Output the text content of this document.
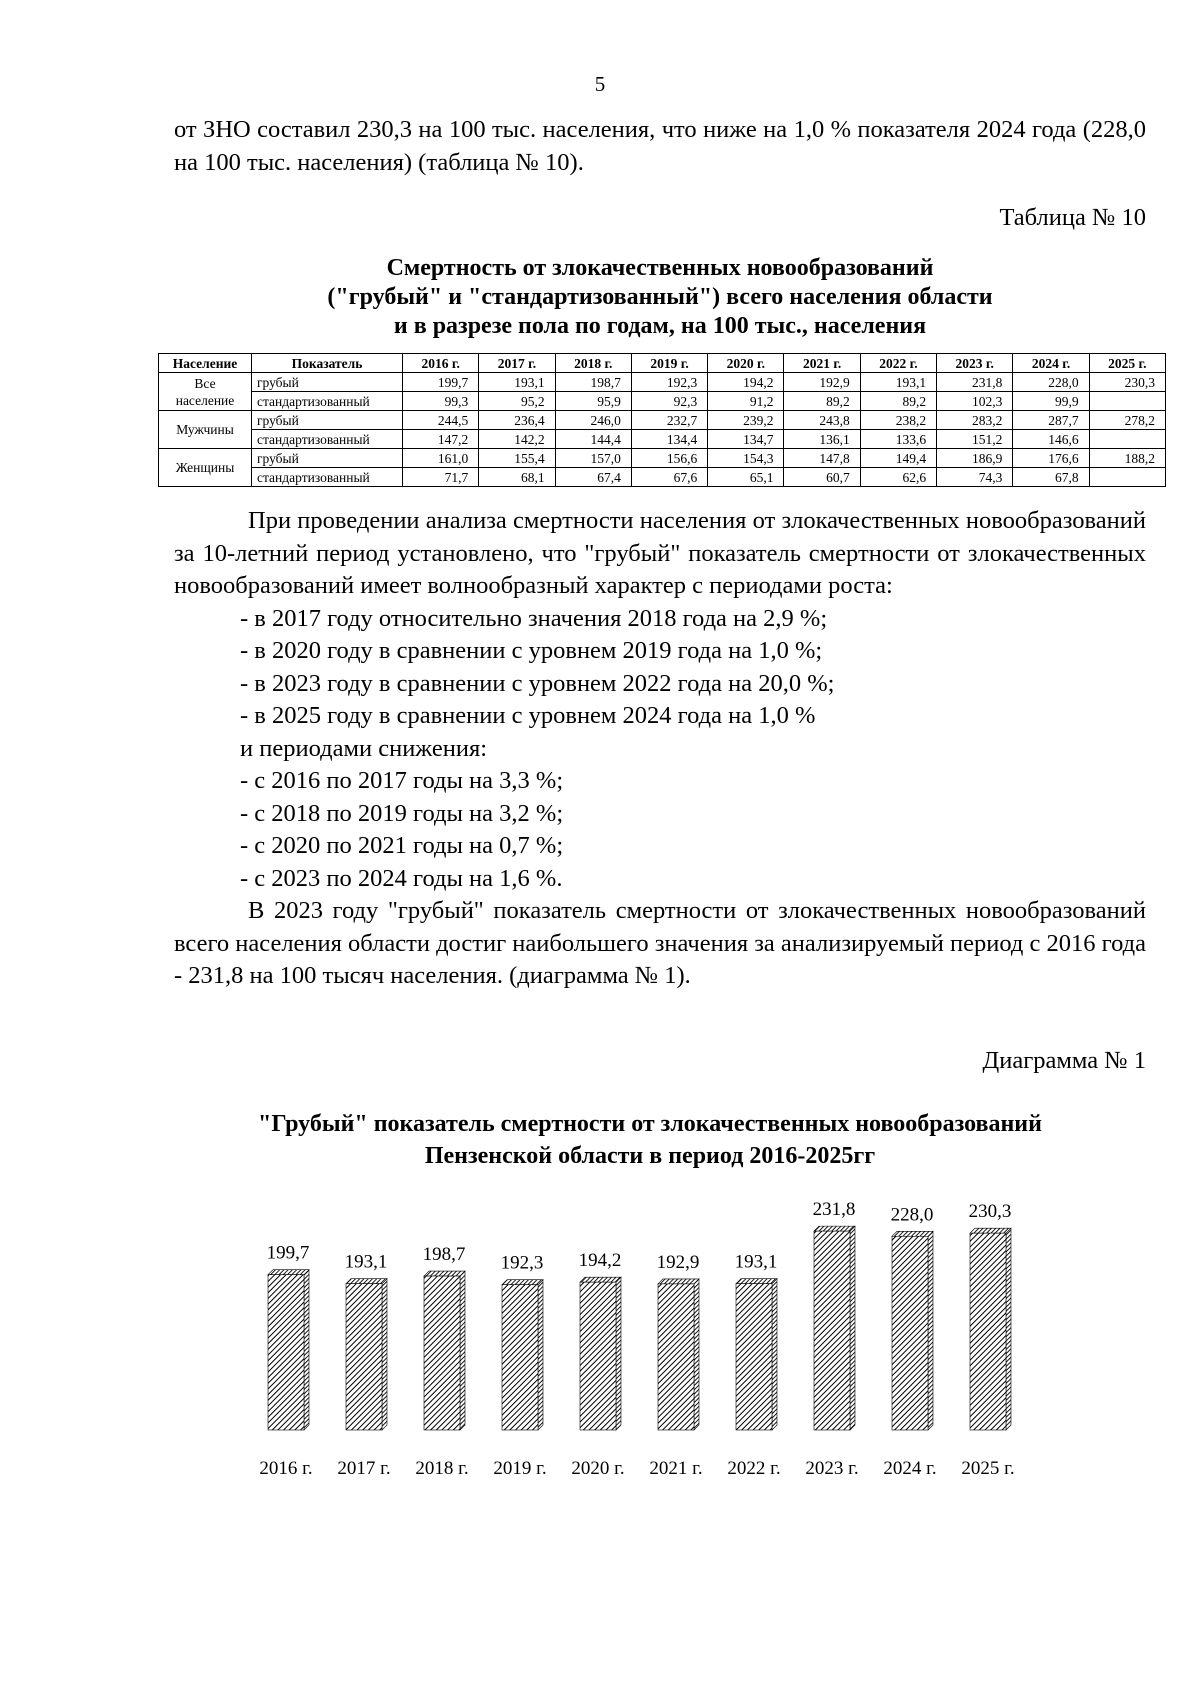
5

от ЗНО составил 230,3 на 100 тыс. населения, что ниже на 1,0 % показателя 2024 года (228,0 на 100 тыс. населения) (таблица № 10).

Таблица № 10
Смертность от злокачественных новообразований
("грубый" и "стандартизованный") всего населения области
и в разрезе пола по годам, на 100 тыс., населения
Население	Показатель	2016 г.	2017 г.	2018 г.	2019 г.	2020 г.	2021 г.	2022 г.	2023 г.	2024 г.	2025 г.
Все население	грубый	199,7	193,1	198,7	192,3	194,2	192,9	193,1	231,8	228,0	230,3
	стандартизованный	99,3	95,2	95,9	92,3	91,2	89,2	89,2	102,3	99,9	
Мужчины	грубый	244,5	236,4	246,0	232,7	239,2	243,8	238,2	283,2	287,7	278,2
	стандартизованный	147,2	142,2	144,4	134,4	134,7	136,1	133,6	151,2	146,6	
Женщины	грубый	161,0	155,4	157,0	156,6	154,3	147,8	149,4	186,9	176,6	188,2
	стандартизованный	71,7	68,1	67,4	67,6	65,1	60,7	62,6	74,3	67,8	

При проведении анализа смертности населения от злокачественных новообразований за 10-летний период установлено, что "грубый" показатель смертности от злокачественных новообразований имеет волнообразный характер с периодами роста:

- в 2017 году относительно значения 2018 года на 2,9 %;

- в 2020 году в сравнении с уровнем 2019 года на 1,0 %;

- в 2023 году в сравнении с уровнем 2022 года на 20,0 %;

- в 2025 году в сравнении с уровнем 2024 года на 1,0 %

и периодами снижения:

- с 2016 по 2017 годы на 3,3 %;

- с 2018 по 2019 годы на 3,2 %;

- с 2020 по 2021 годы на 0,7 %;

- с 2023 по 2024 годы на 1,6 %.

В 2023 году "грубый" показатель смертности от злокачественных новообразований всего населения области достиг наибольшего значения за анализируемый период с 2016 года - 231,8 на 100 тысяч населения. (диаграмма № 1).

Диаграмма № 1
"Грубый" показатель смертности от злокачественных новообразований
Пензенской области в период 2016-2025гг
199,7
2016 г.
193,1
2017 г.
198,7
2018 г.
192,3
2019 г.
194,2
2020 г.
192,9
2021 г.
193,1
2022 г.
231,8
2023 г.
228,0
2024 г.
230,3
2025 г.
